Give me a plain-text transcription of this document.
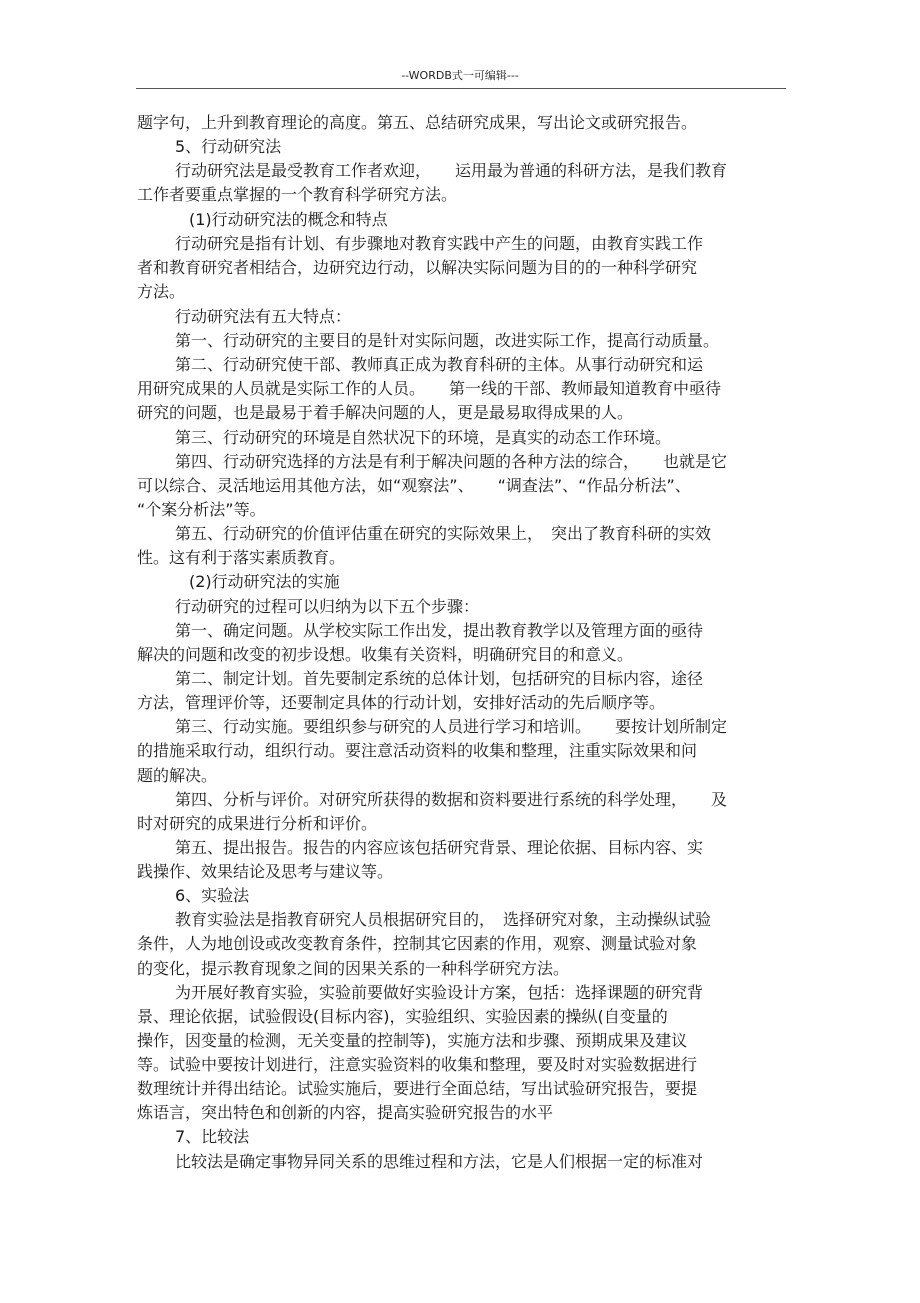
--WORDB式一可编辑---
题字句，上升到教育理论的高度。第五、总结研究成果，写出论文或研究报告。
5、行动研究法
行动研究法是最受教育工作者欢迎，　　运用最为普通的科研方法，是我们教育
工作者要重点掌握的一个教育科学研究方法。
(1)行动研究法的概念和特点
行动研究是指有计划、有步骤地对教育实践中产生的问题，由教育实践工作
者和教育研究者相结合，边研究边行动，以解决实际问题为目的的一种科学研究
方法。
行动研究法有五大特点：
第一、行动研究的主要目的是针对实际问题，改进实际工作，提高行动质量。
第二、行动研究使干部、教师真正成为教育科研的主体。从事行动研究和运
用研究成果的人员就是实际工作的人员。　　第一线的干部、教师最知道教育中亟待
研究的问题，也是最易于着手解决问题的人，更是最易取得成果的人。
第三、行动研究的环境是自然状况下的环境，是真实的动态工作环境。
第四、行动研究选择的方法是有利于解决问题的各种方法的综合，　　也就是它
可以综合、灵活地运用其他方法，如“观察法”、　　“调查法”、“作品分析法”、
“个案分析法”等。
第五、行动研究的价值评估重在研究的实际效果上，　突出了教育科研的实效
性。这有利于落实素质教育。
(2)行动研究法的实施
行动研究的过程可以归纳为以下五个步骤：
第一、确定问题。从学校实际工作出发，提出教育教学以及管理方面的亟待
解决的问题和改变的初步设想。收集有关资料，明确研究目的和意义。
第二、制定计划。首先要制定系统的总体计划，包括研究的目标内容，途径
方法，管理评价等，还要制定具体的行动计划，安排好活动的先后顺序等。
第三、行动实施。要组织参与研究的人员进行学习和培训。　　要按计划所制定
的措施采取行动，组织行动。要注意活动资料的收集和整理，注重实际效果和问
题的解决。
第四、分析与评价。对研究所获得的数据和资料要进行系统的科学处理，　　及
时对研究的成果进行分析和评价。
第五、提出报告。报告的内容应该包括研究背景、理论依据、目标内容、实
践操作、效果结论及思考与建议等。
6、实验法
教育实验法是指教育研究人员根据研究目的，　选择研究对象，主动操纵试验
条件，人为地创设或改变教育条件，控制其它因素的作用，观察、测量试验对象
的变化，提示教育现象之间的因果关系的一种科学研究方法。
为开展好教育实验，实验前要做好实验设计方案，包括：选择课题的研究背
景、理论依据，试验假设(目标内容)，实验组织、实验因素的操纵(自变量的
操作，因变量的检测，无关变量的控制等)，实施方法和步骤、预期成果及建议
等。试验中要按计划进行，注意实验资料的收集和整理，要及时对实验数据进行
数理统计并得出结论。试验实施后，要进行全面总结，写出试验研究报告，要提
炼语言，突出特色和创新的内容，提高实验研究报告的水平
7、比较法
比较法是确定事物异同关系的思维过程和方法，它是人们根据一定的标准对
